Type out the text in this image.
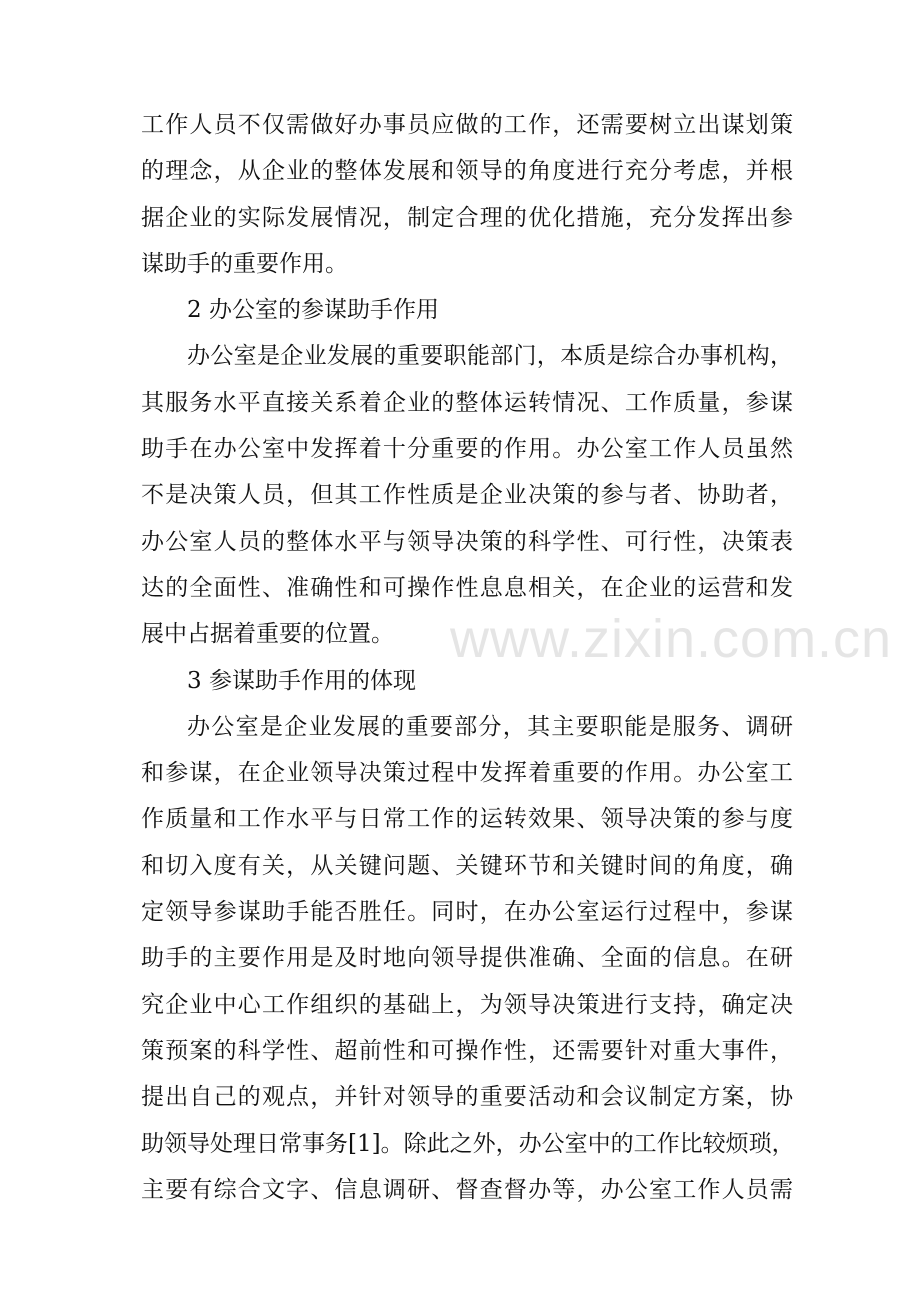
工作人员不仅需做好办事员应做的工作，还需要树立出谋划策
的理念，从企业的整体发展和领导的角度进行充分考虑，并根
据企业的实际发展情况，制定合理的优化措施，充分发挥出参
谋助手的重要作用。
2 办公室的参谋助手作用
办公室是企业发展的重要职能部门，本质是综合办事机构，
其服务水平直接关系着企业的整体运转情况、工作质量，参谋
助手在办公室中发挥着十分重要的作用。办公室工作人员虽然
不是决策人员，但其工作性质是企业决策的参与者、协助者，
办公室人员的整体水平与领导决策的科学性、可行性，决策表
达的全面性、准确性和可操作性息息相关，在企业的运营和发
展中占据着重要的位置。
3 参谋助手作用的体现
办公室是企业发展的重要部分，其主要职能是服务、调研
和参谋，在企业领导决策过程中发挥着重要的作用。办公室工
作质量和工作水平与日常工作的运转效果、领导决策的参与度
和切入度有关，从关键问题、关键环节和关键时间的角度，确
定领导参谋助手能否胜任。同时，在办公室运行过程中，参谋
助手的主要作用是及时地向领导提供准确、全面的信息。在研
究企业中心工作组织的基础上，为领导决策进行支持，确定决
策预案的科学性、超前性和可操作性，还需要针对重大事件，
提出自己的观点，并针对领导的重要活动和会议制定方案，协
助领导处理日常事务[1]。除此之外，办公室中的工作比较烦琐，
主要有综合文字、信息调研、督查督办等，办公室工作人员需
www.zixin.com.cn
